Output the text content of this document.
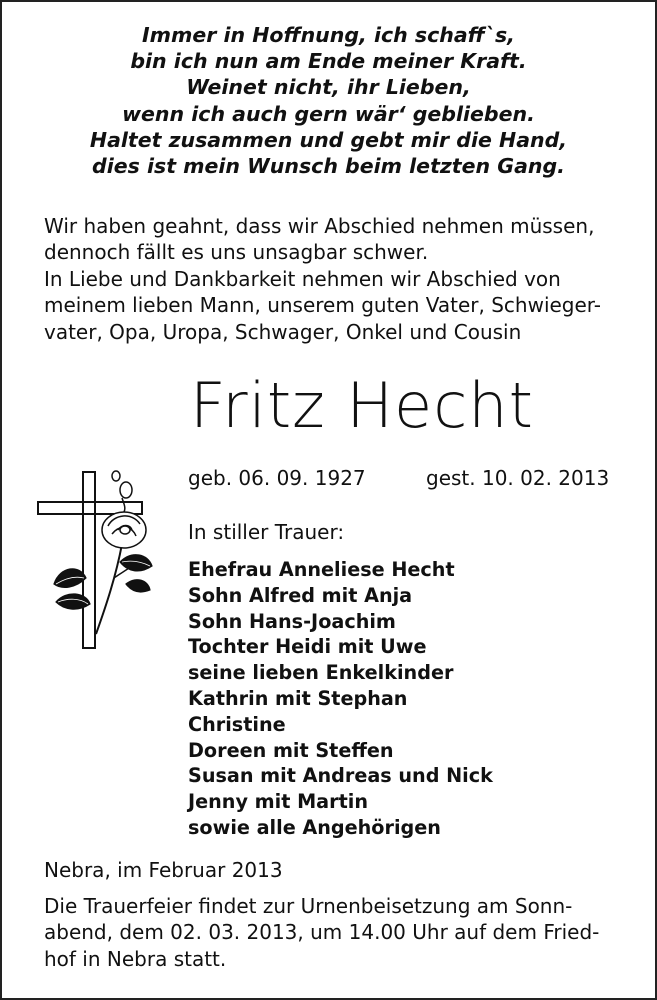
Immer in Hoffnung, ich schaff`s,
bin ich nun am Ende meiner Kraft.
Weinet nicht, ihr Lieben,
wenn ich auch gern wär‘ geblieben.
Haltet zusammen und gebt mir die Hand,
dies ist mein Wunsch beim letzten Gang.
Wir haben geahnt, dass wir Abschied nehmen müssen,
dennoch fällt es uns unsagbar schwer.
In Liebe und Dankbarkeit nehmen wir Abschied von
meinem lieben Mann, unserem guten Vater, Schwieger-
vater, Opa, Uropa, Schwager, Onkel und Cousin
Fritz Hecht
geb. 06. 09. 1927	gest. 10. 02. 2013
In stiller Trauer:
Ehefrau Anneliese Hecht
Sohn Alfred mit Anja
Sohn Hans-Joachim
Tochter Heidi mit Uwe
seine lieben Enkelkinder
Kathrin mit Stephan
Christine
Doreen mit Steffen
Susan mit Andreas und Nick
Jenny mit Martin
sowie alle Angehörigen
Nebra, im Februar 2013
Die Trauerfeier findet zur Urnenbeisetzung am Sonn-
abend, dem 02. 03. 2013, um 14.00 Uhr auf dem Fried-
hof in Nebra statt.
